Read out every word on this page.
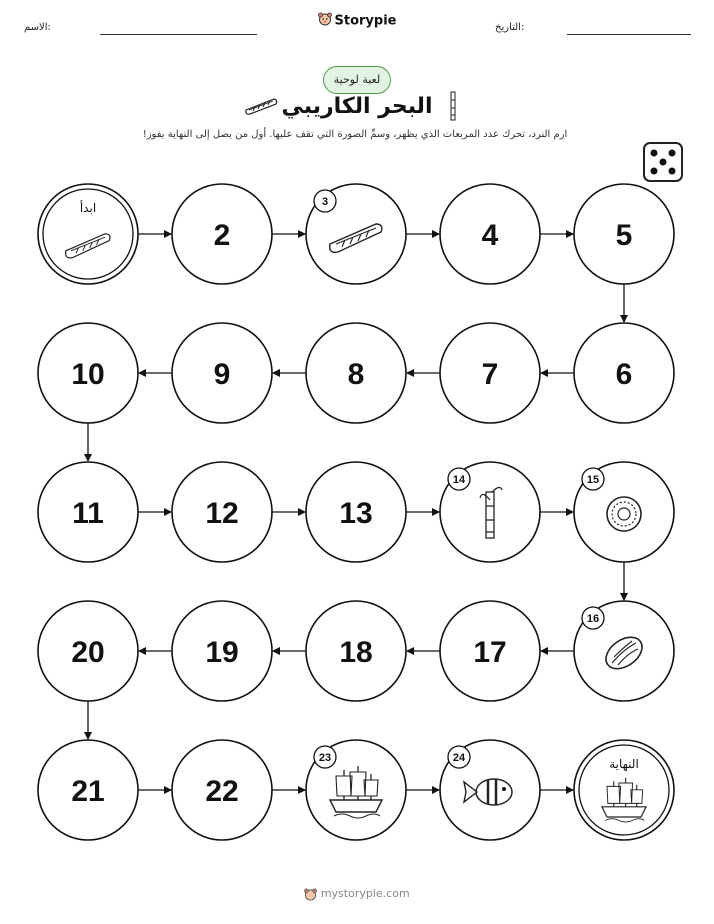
الاسم:	Storypie	التاريخ:
لعبة لوحية
البحر الكاريبي
ارم النرد، تحرك عدد المربعات الذي يظهر، وسمِّ الصورة التي تقف عليها. أول من يصل إلى النهاية يفوز!
ابدأ
2
3
4	5
6
7
8
9
10
11	12	13
14	15
16
17
18
19
20
21	22
23	24	النهاية
mystorypie.com
